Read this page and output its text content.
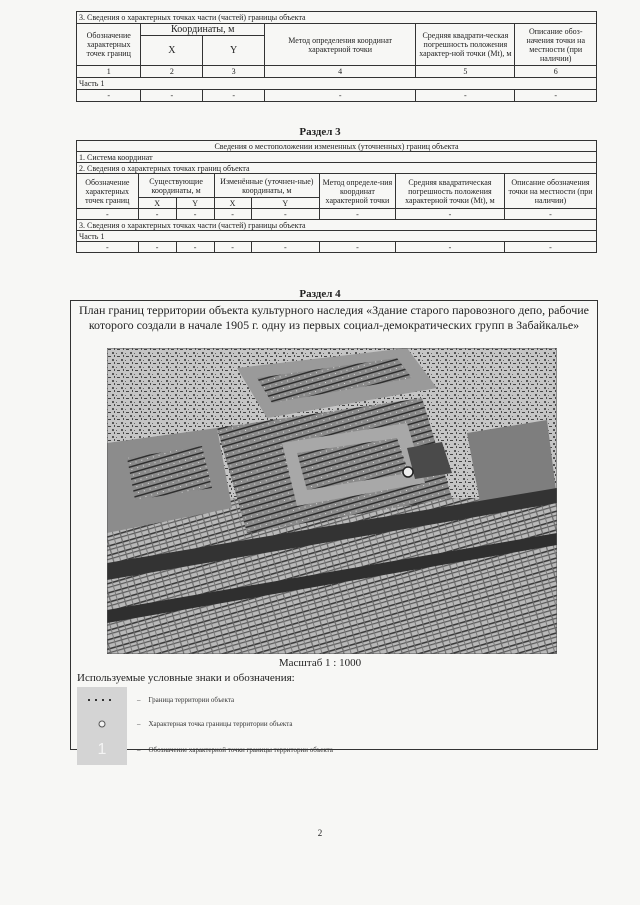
3. Сведения о характерных точках части (частей) границы объекта					
Обозначение характерных точек границ	Координаты, м		Метод определения координат характерной точки	Средняя квадрати-ческая погрешность положения характер-ной точки (Mt), м	Описание обоз-начения точки на местности (при наличии)
	X	Y			
1	2	3	4	5	6
Часть 1					
-	-	-	-	-	-
Раздел 3
Сведения о местоположении измененных (уточненных) границ объекта							
1. Система координат							
2. Сведения о характерных точках границ объекта							
Обозначение характерных точек границ	Существующие координаты, м		Изменённые (уточнен-ные) координаты, м		Метод определе-ния координат характерной точки	Средняя квадратическая погрешность положения характерной точки (Mt), м	Описание обозначения точки на местности (при наличии)
	X	Y	X	Y			
-	-	-	-	-	-	-	-
3. Сведения о характерных точках части (частей) границы объекта							
Часть 1							
-	-	-	-	-	-	-	-
Раздел 4
План границ территории объекта культурного наследия «Здание старого паровозного депо, рабочие которого создали в начале 1905 г. одну из первых социал-демократических групп в Забайкалье»
Масштаб 1 : 1000
Используемые условные знаки и обозначения:
– Граница территории объекта
– Характерная точка границы территории объекта
1	– Обозначение характерной точки границы территории объекта
2
